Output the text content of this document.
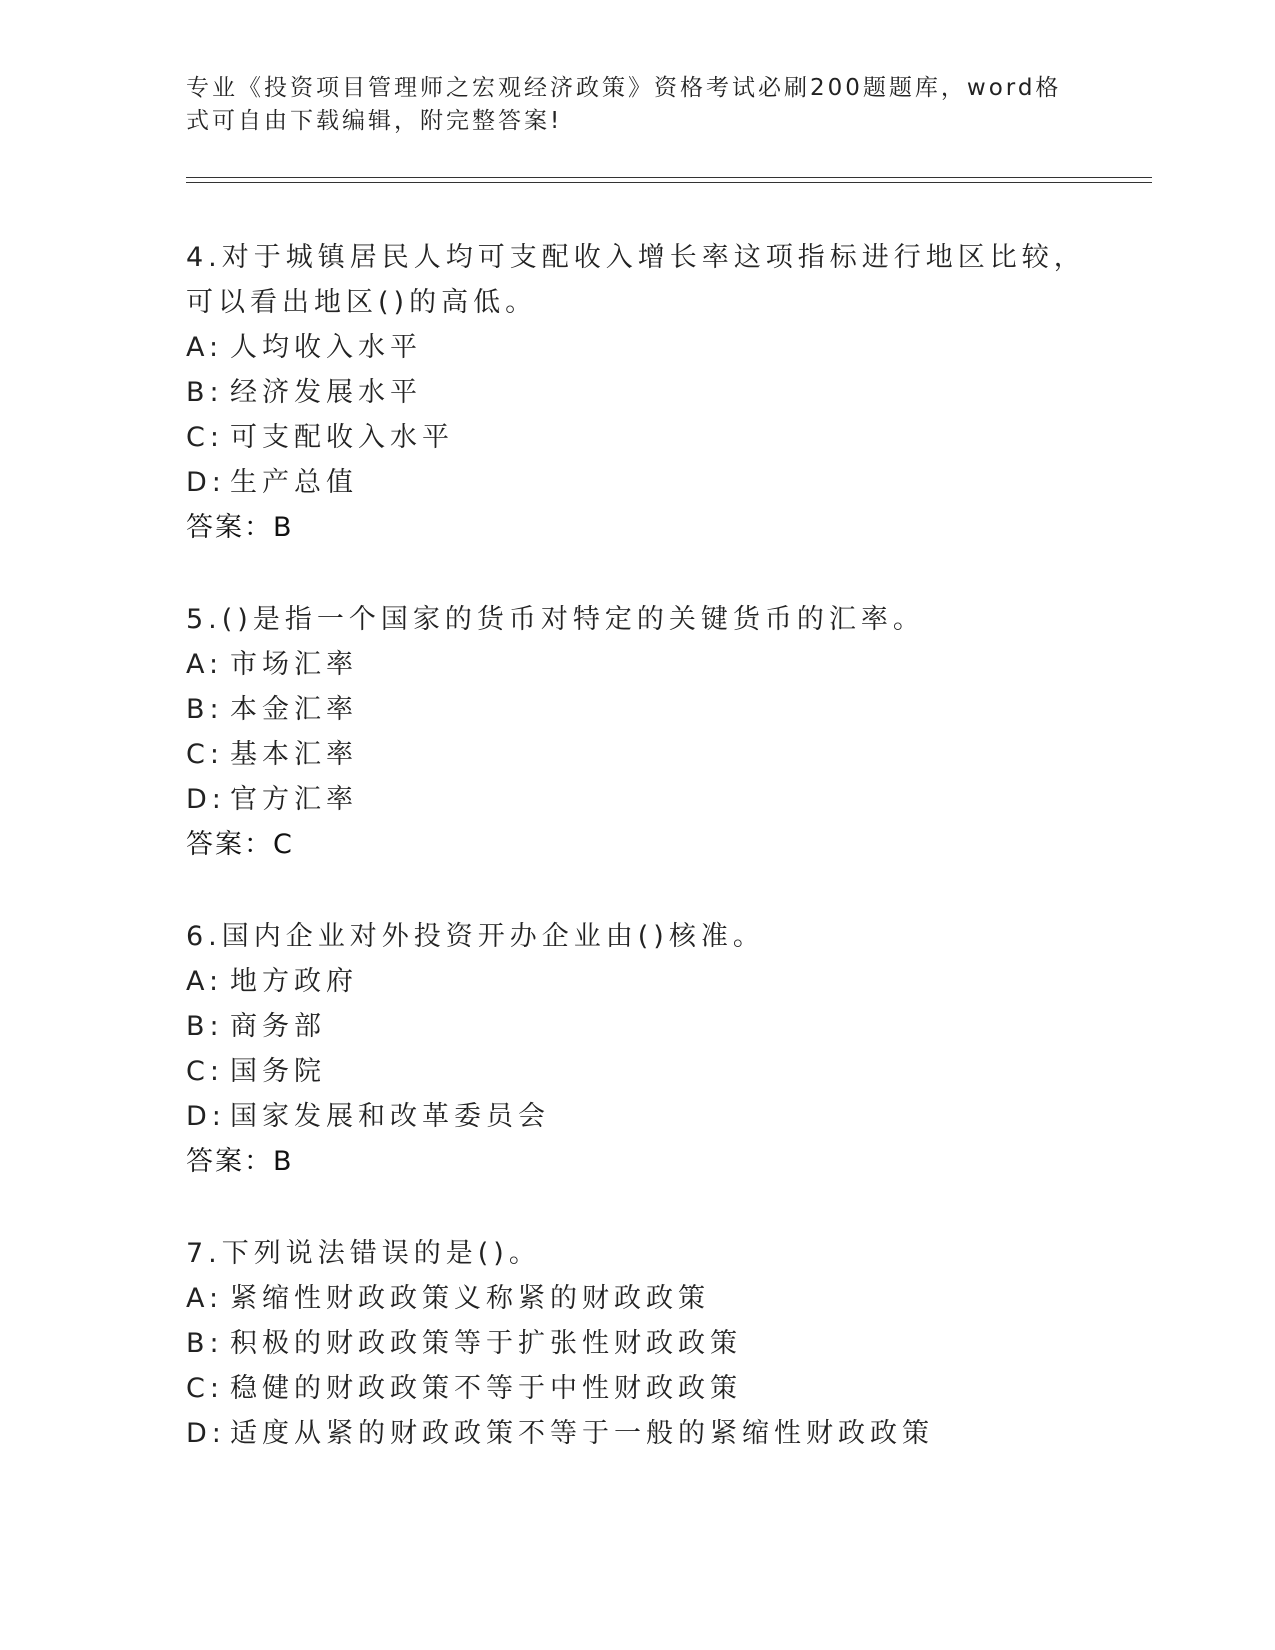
专业《投资项目管理师之宏观经济政策》资格考试必刷200题题库，word格式可自由下载编辑，附完整答案!

4.对于城镇居民人均可支配收入增长率这项指标进行地区比较，可以看出地区()的高低。

A: 人均收入水平
B: 经济发展水平
C: 可支配收入水平
D: 生产总值
答案：B

5.()是指一个国家的货币对特定的关键货币的汇率。

A: 市场汇率
B: 本金汇率
C: 基本汇率
D: 官方汇率
答案：C

6.国内企业对外投资开办企业由()核准。

A: 地方政府
B: 商务部
C: 国务院
D: 国家发展和改革委员会
答案：B

7.下列说法错误的是()。

A: 紧缩性财政政策义称紧的财政政策
B: 积极的财政政策等于扩张性财政政策
C: 稳健的财政政策不等于中性财政政策
D: 适度从紧的财政政策不等于一般的紧缩性财政政策
